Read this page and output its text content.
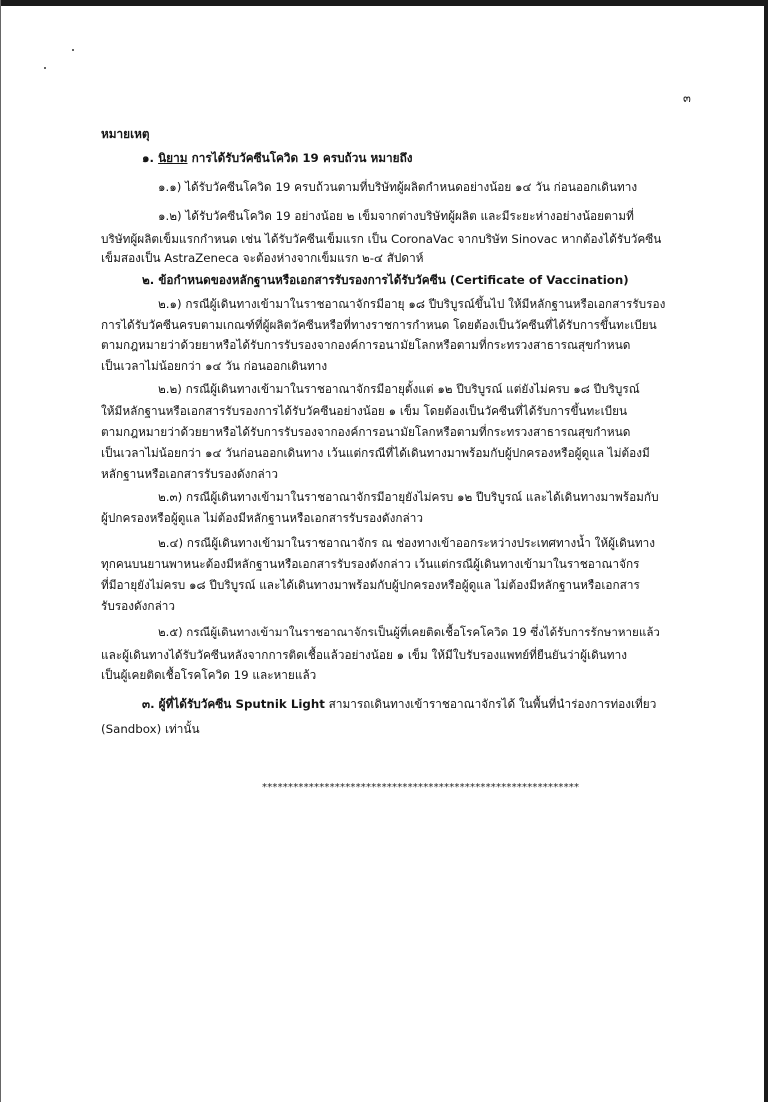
๓
หมายเหตุ
๑. นิยาม การได้รับวัคซีนโควิด 19 ครบถ้วน หมายถึง
๑.๑) ได้รับวัคซีนโควิด 19 ครบถ้วนตามที่บริษัทผู้ผลิตกำหนดอย่างน้อย ๑๔ วัน ก่อนออกเดินทาง
๑.๒) ได้รับวัคซีนโควิด 19 อย่างน้อย ๒ เข็มจากต่างบริษัทผู้ผลิต และมีระยะห่างอย่างน้อยตามที่
บริษัทผู้ผลิตเข็มแรกกำหนด เช่น ได้รับวัคซีนเข็มแรก เป็น CoronaVac จากบริษัท Sinovac หากต้องได้รับวัคซีน
เข็มสองเป็น AstraZeneca จะต้องห่างจากเข็มแรก ๒-๔ สัปดาห์
๒. ข้อกำหนดของหลักฐานหรือเอกสารรับรองการได้รับวัคซีน (Certificate of Vaccination)
๒.๑) กรณีผู้เดินทางเข้ามาในราชอาณาจักรมีอายุ ๑๘ ปีบริบูรณ์ขึ้นไป ให้มีหลักฐานหรือเอกสารรับรอง
การได้รับวัคซีนครบตามเกณฑ์ที่ผู้ผลิตวัคซีนหรือที่ทางราชการกำหนด โดยต้องเป็นวัคซีนที่ได้รับการขึ้นทะเบียน
ตามกฎหมายว่าด้วยยาหรือได้รับการรับรองจากองค์การอนามัยโลกหรือตามที่กระทรวงสาธารณสุขกำหนด
เป็นเวลาไม่น้อยกว่า ๑๔ วัน ก่อนออกเดินทาง
๒.๒) กรณีผู้เดินทางเข้ามาในราชอาณาจักรมีอายุตั้งแต่ ๑๒ ปีบริบูรณ์ แต่ยังไม่ครบ ๑๘ ปีบริบูรณ์
ให้มีหลักฐานหรือเอกสารรับรองการได้รับวัคซีนอย่างน้อย ๑ เข็ม โดยต้องเป็นวัคซีนที่ได้รับการขึ้นทะเบียน
ตามกฎหมายว่าด้วยยาหรือได้รับการรับรองจากองค์การอนามัยโลกหรือตามที่กระทรวงสาธารณสุขกำหนด
เป็นเวลาไม่น้อยกว่า ๑๔ วันก่อนออกเดินทาง เว้นแต่กรณีที่ได้เดินทางมาพร้อมกับผู้ปกครองหรือผู้ดูแล ไม่ต้องมี
หลักฐานหรือเอกสารรับรองดังกล่าว
๒.๓) กรณีผู้เดินทางเข้ามาในราชอาณาจักรมีอายุยังไม่ครบ ๑๒ ปีบริบูรณ์ และได้เดินทางมาพร้อมกับ
ผู้ปกครองหรือผู้ดูแล ไม่ต้องมีหลักฐานหรือเอกสารรับรองดังกล่าว
๒.๔) กรณีผู้เดินทางเข้ามาในราชอาณาจักร ณ ช่องทางเข้าออกระหว่างประเทศทางน้ำ ให้ผู้เดินทาง
ทุกคนบนยานพาหนะต้องมีหลักฐานหรือเอกสารรับรองดังกล่าว เว้นแต่กรณีผู้เดินทางเข้ามาในราชอาณาจักร
ที่มีอายุยังไม่ครบ ๑๘ ปีบริบูรณ์ และได้เดินทางมาพร้อมกับผู้ปกครองหรือผู้ดูแล ไม่ต้องมีหลักฐานหรือเอกสาร
รับรองดังกล่าว
๒.๕) กรณีผู้เดินทางเข้ามาในราชอาณาจักรเป็นผู้ที่เคยติดเชื้อโรคโควิด 19 ซึ่งได้รับการรักษาหายแล้ว
และผู้เดินทางได้รับวัคซีนหลังจากการติดเชื้อแล้วอย่างน้อย ๑ เข็ม ให้มีใบรับรองแพทย์ที่ยืนยันว่าผู้เดินทาง
เป็นผู้เคยติดเชื้อโรคโควิด 19 และหายแล้ว
๓. ผู้ที่ได้รับวัคซีน Sputnik Light สามารถเดินทางเข้าราชอาณาจักรได้ ในพื้นที่นำร่องการท่องเที่ยว
(Sandbox) เท่านั้น
*************************************************************
